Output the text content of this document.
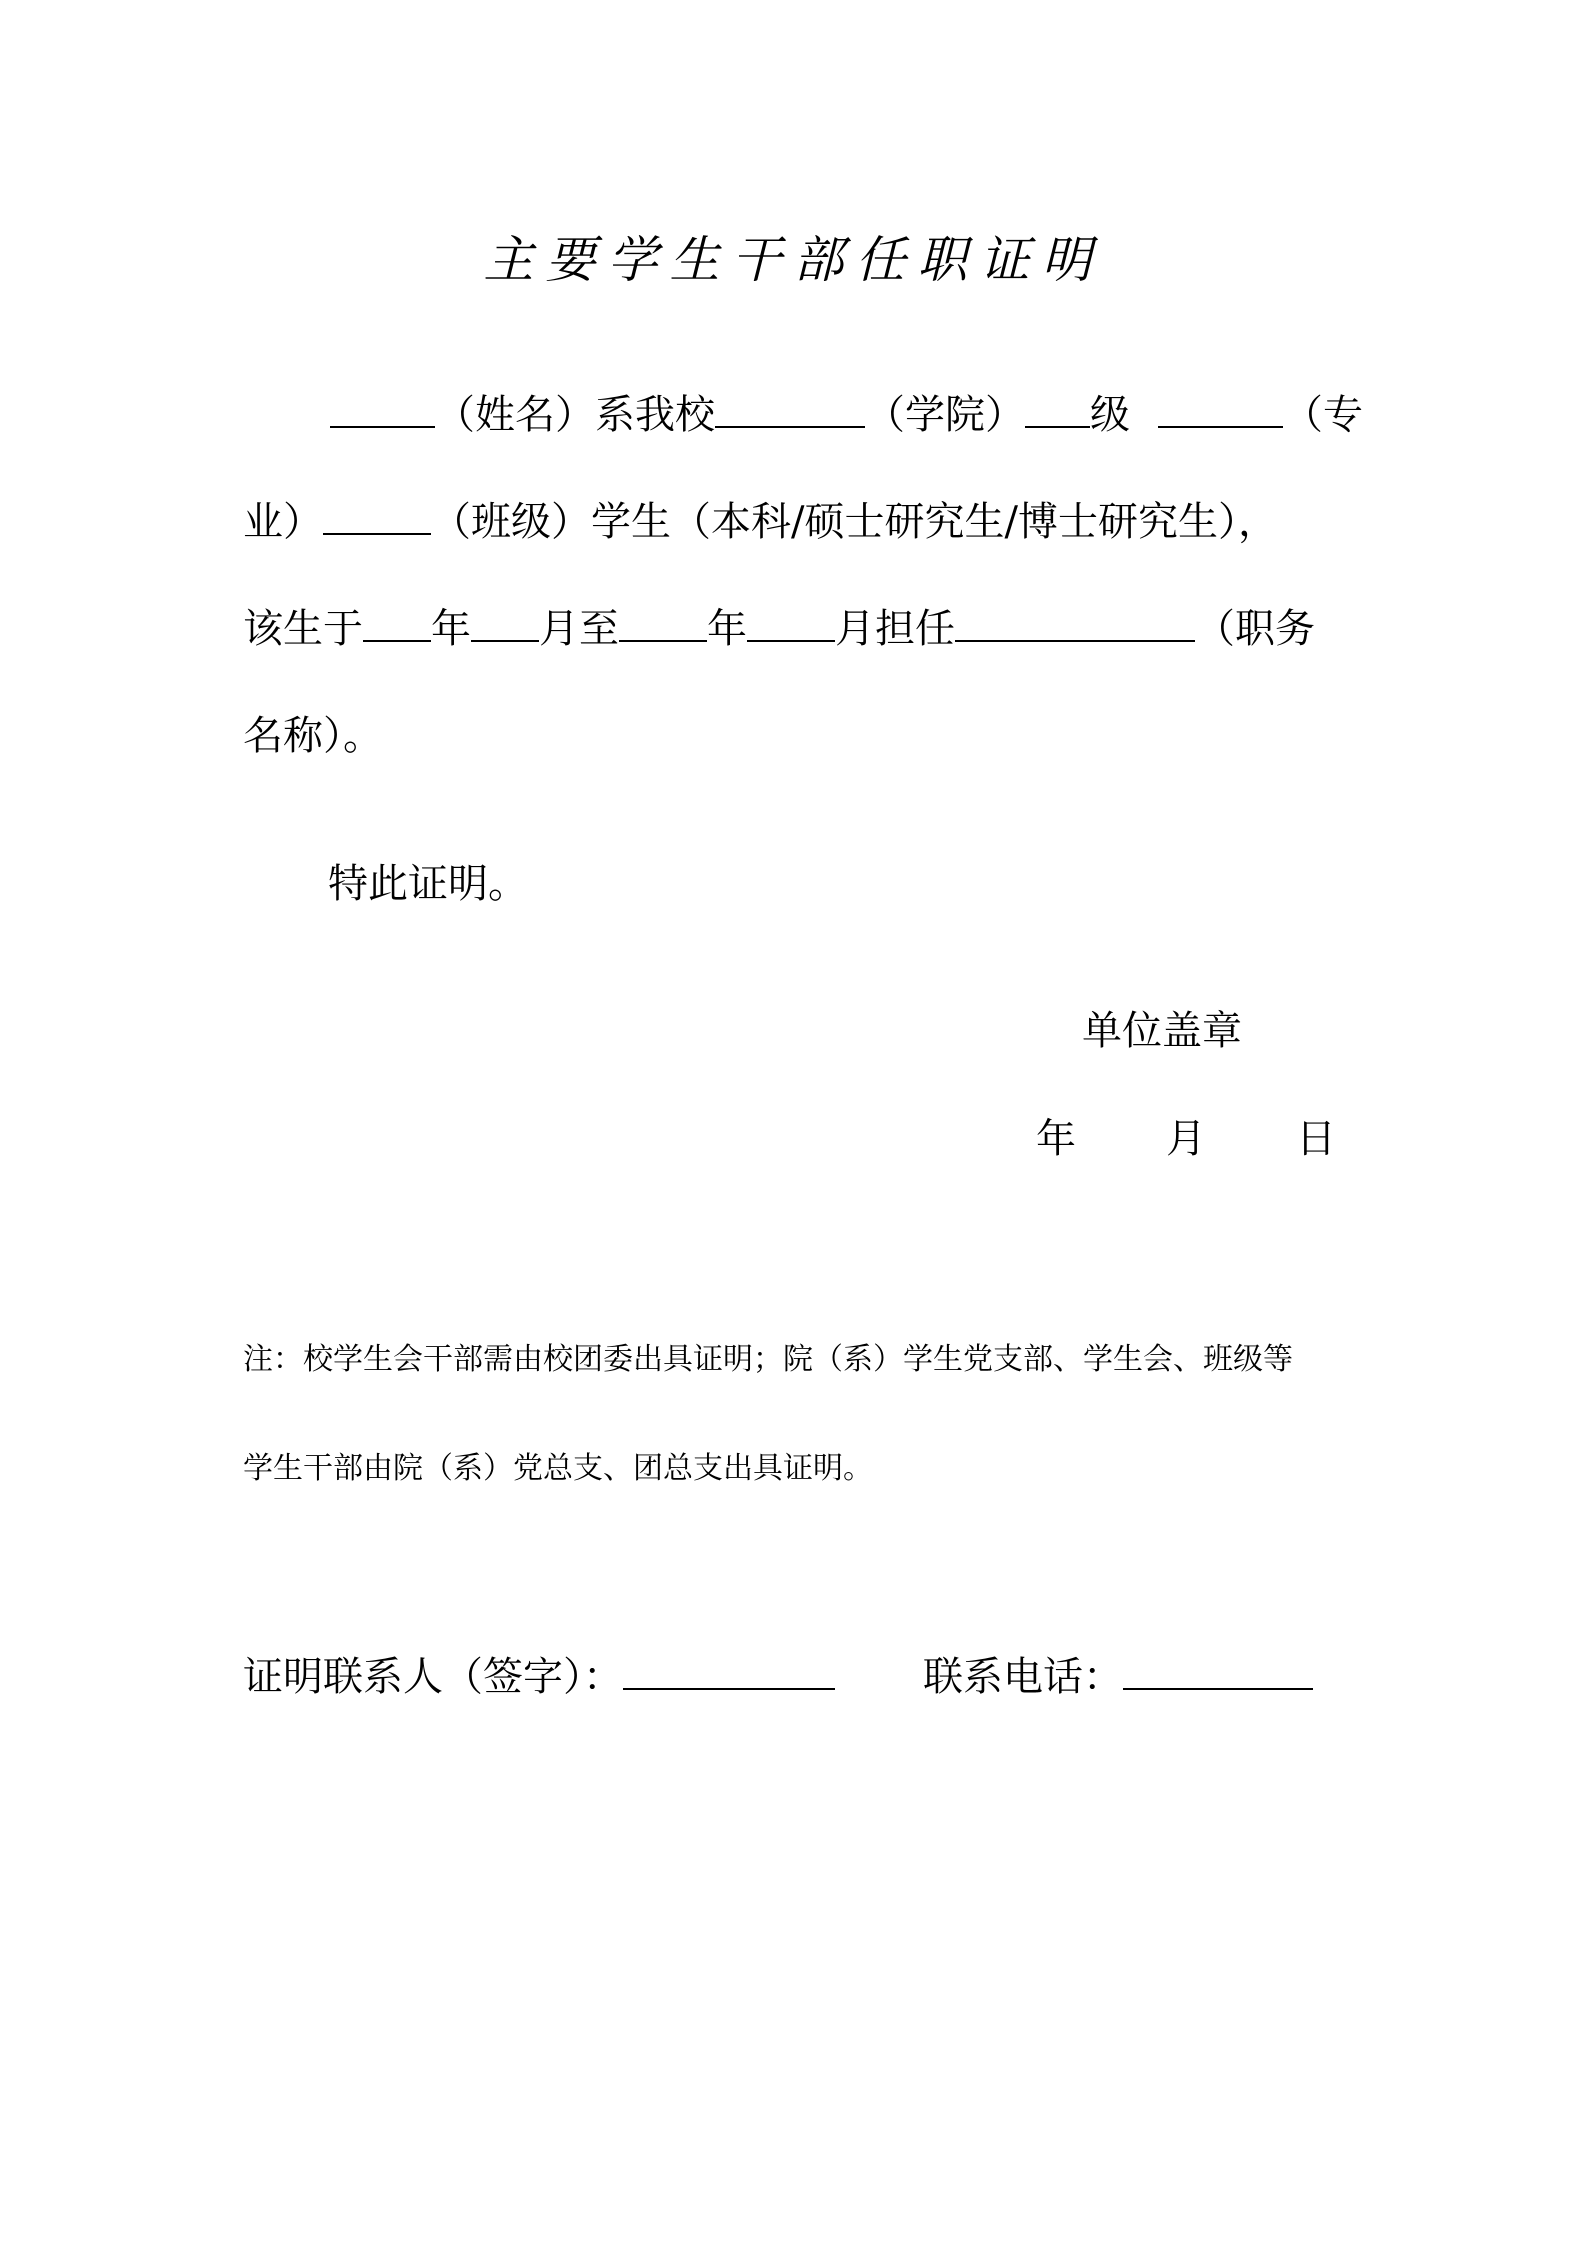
主要学生干部任职证明
（姓名）系我校	（学院） 级	（专
业）	（班级）学生（本科/硕士研究生/博士研究生），
该生于 年 月至 年 月担任	（职务
名称）。
特此证明。
单位盖章
年 月 日
注：校学生会干部需由校团委出具证明；院（系）学生党支部、学生会、班级等
学生干部由院（系）党总支、团总支出具证明。
证明联系人（签字）：	联系电话：
